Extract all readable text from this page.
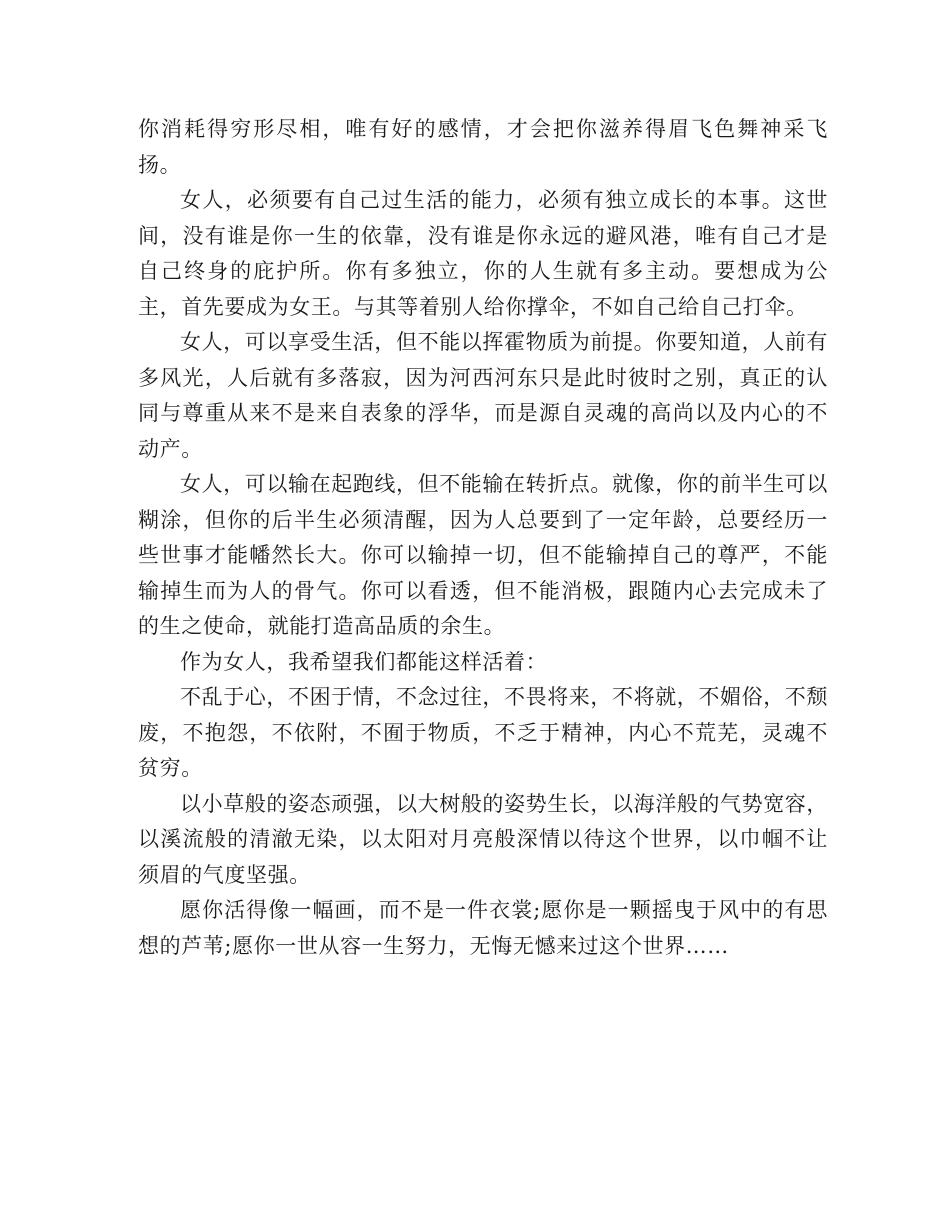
你消耗得穷形尽相，唯有好的感情，才会把你滋养得眉飞色舞神采飞扬。

女人，必须要有自己过生活的能力，必须有独立成长的本事。这世间，没有谁是你一生的依靠，没有谁是你永远的避风港，唯有自己才是自己终身的庇护所。你有多独立，你的人生就有多主动。要想成为公主，首先要成为女王。与其等着别人给你撑伞，不如自己给自己打伞。

女人，可以享受生活，但不能以挥霍物质为前提。你要知道，人前有多风光，人后就有多落寂，因为河西河东只是此时彼时之别，真正的认同与尊重从来不是来自表象的浮华，而是源自灵魂的高尚以及内心的不动产。

女人，可以输在起跑线，但不能输在转折点。就像，你的前半生可以糊涂，但你的后半生必须清醒，因为人总要到了一定年龄，总要经历一些世事才能幡然长大。你可以输掉一切，但不能输掉自己的尊严，不能输掉生而为人的骨气。你可以看透，但不能消极，跟随内心去完成未了的生之使命，就能打造高品质的余生。

作为女人，我希望我们都能这样活着：

不乱于心，不困于情，不念过往，不畏将来，不将就，不媚俗，不颓废，不抱怨，不依附，不囿于物质，不乏于精神，内心不荒芜，灵魂不贫穷。

以小草般的姿态顽强，以大树般的姿势生长，以海洋般的气势宽容，以溪流般的清澈无染，以太阳对月亮般深情以待这个世界，以巾帼不让须眉的气度坚强。

愿你活得像一幅画，而不是一件衣裳;愿你是一颗摇曳于风中的有思想的芦苇;愿你一世从容一生努力，无悔无憾来过这个世界……
